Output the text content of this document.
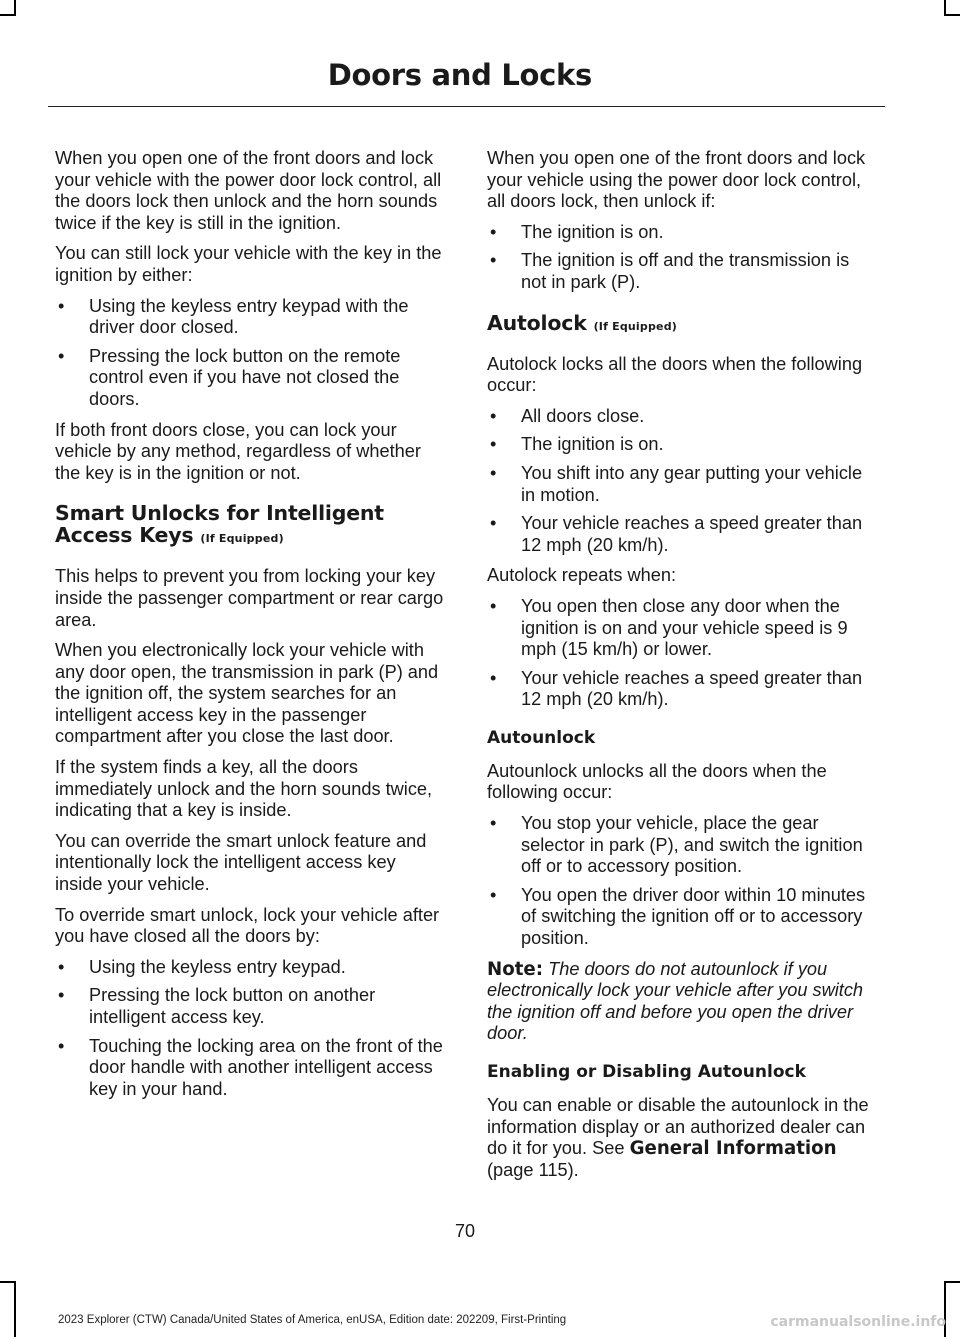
Doors and Locks

When you open one of the front doors and lock your vehicle with the power door lock control, all the doors lock then unlock and the horn sounds twice if the key is still in the ignition.

You can still lock your vehicle with the key in the ignition by either:

• Using the keyless entry keypad with the driver door closed.
• Pressing the lock button on the remote control even if you have not closed the doors.

If both front doors close, you can lock your vehicle by any method, regardless of whether the key is in the ignition or not.

Smart Unlocks for Intelligent Access Keys (If Equipped)

This helps to prevent you from locking your key inside the passenger compartment or rear cargo area.

When you electronically lock your vehicle with any door open, the transmission in park (P) and the ignition off, the system searches for an intelligent access key in the passenger compartment after you close the last door.

If the system finds a key, all the doors immediately unlock and the horn sounds twice, indicating that a key is inside.

You can override the smart unlock feature and intentionally lock the intelligent access key inside your vehicle.

To override smart unlock, lock your vehicle after you have closed all the doors by:

• Using the keyless entry keypad.
• Pressing the lock button on another intelligent access key.
• Touching the locking area on the front of the door handle with another intelligent access key in your hand.

When you open one of the front doors and lock your vehicle using the power door lock control, all doors lock, then unlock if:

• The ignition is on.
• The ignition is off and the transmission is not in park (P).
Autolock (If Equipped)

Autolock locks all the doors when the following occur:

• All doors close.
• The ignition is on.
• You shift into any gear putting your vehicle in motion.
• Your vehicle reaches a speed greater than 12 mph (20 km/h).

Autolock repeats when:

• You open then close any door when the ignition is on and your vehicle speed is 9 mph (15 km/h) or lower.
• Your vehicle reaches a speed greater than 12 mph (20 km/h).
Autounlock

Autounlock unlocks all the doors when the following occur:

• You stop your vehicle, place the gear selector in park (P), and switch the ignition off or to accessory position.
• You open the driver door within 10 minutes of switching the ignition off or to accessory position.

Note: The doors do not autounlock if you electronically lock your vehicle after you switch the ignition off and before you open the driver door.

Enabling or Disabling Autounlock

You can enable or disable the autounlock in the information display or an authorized dealer can do it for you. See General Information (page 115).

70
2023 Explorer (CTW) Canada/United States of America, enUSA, Edition date: 202209, First-Printing	carmanualsonline.info
